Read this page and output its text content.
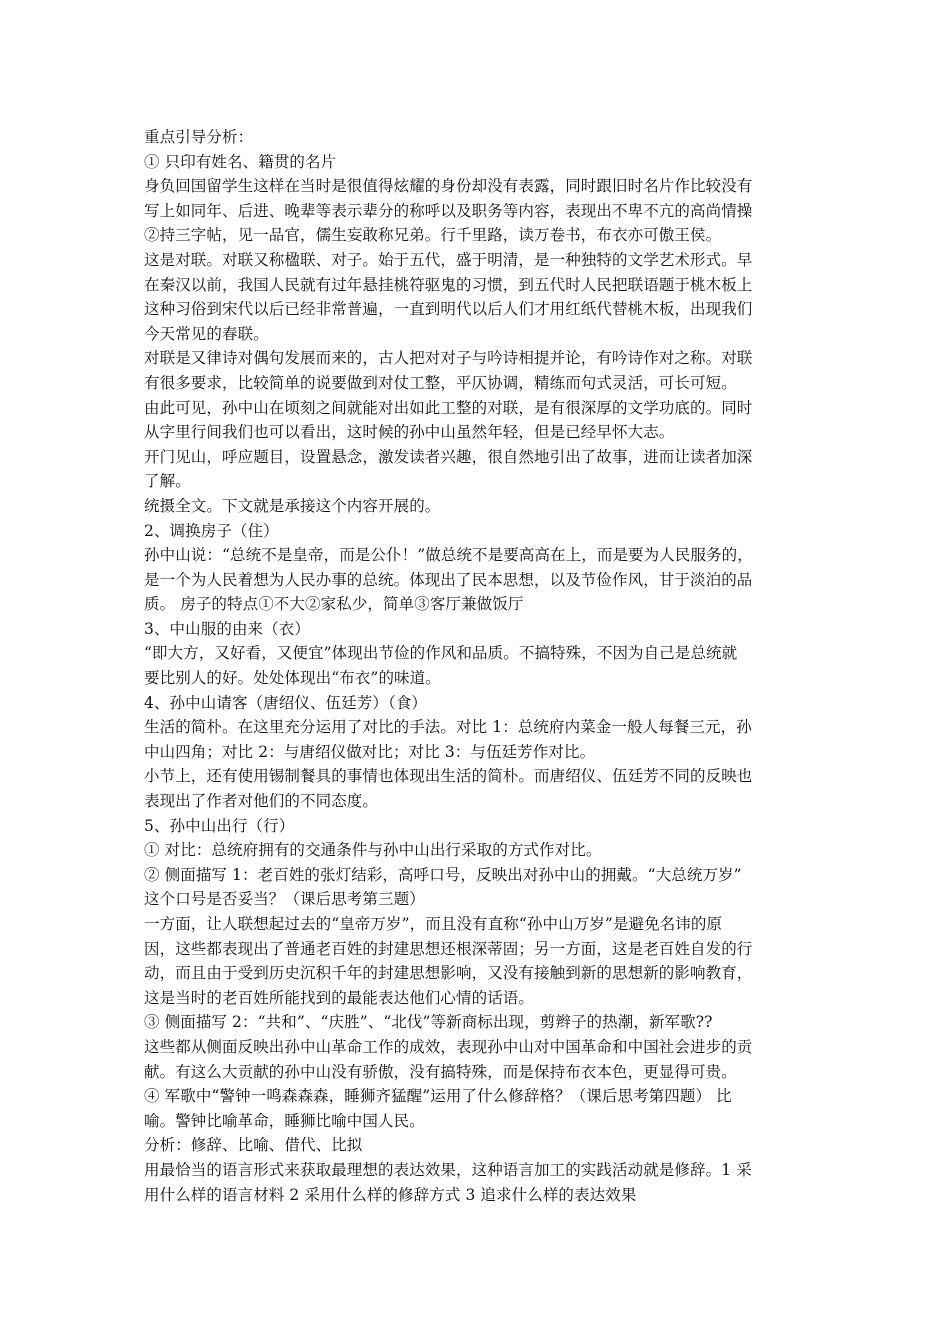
重点引导分析：
① 只印有姓名、籍贯的名片
身负回国留学生这样在当时是很值得炫耀的身份却没有表露，同时跟旧时名片作比较没有
写上如同年、后进、晚辈等表示辈分的称呼以及职务等内容，表现出不卑不亢的高尚情操
②持三字帖，见一品官，儒生妄敢称兄弟。行千里路，读万卷书，布衣亦可傲王侯。
这是对联。对联又称楹联、对子。始于五代，盛于明清，是一种独特的文学艺术形式。早
在秦汉以前，我国人民就有过年悬挂桃符驱鬼的习惯，到五代时人民把联语题于桃木板上
这种习俗到宋代以后已经非常普遍，一直到明代以后人们才用红纸代替桃木板，出现我们
今天常见的春联。
对联是又律诗对偶句发展而来的，古人把对对子与吟诗相提并论，有吟诗作对之称。对联
有很多要求，比较简单的说要做到对仗工整，平仄协调，精练而句式灵活，可长可短。
由此可见，孙中山在顷刻之间就能对出如此工整的对联，是有很深厚的文学功底的。同时
从字里行间我们也可以看出，这时候的孙中山虽然年轻，但是已经早怀大志。
开门见山，呼应题目，设置悬念，激发读者兴趣，很自然地引出了故事，进而让读者加深
了解。
统摄全文。下文就是承接这个内容开展的。
2、调换房子（住）
孙中山说：“总统不是皇帝，而是公仆！”做总统不是要高高在上，而是要为人民服务的，
是一个为人民着想为人民办事的总统。体现出了民本思想，以及节俭作风，甘于淡泊的品
质。 房子的特点①不大②家私少，简单③客厅兼做饭厅
3、中山服的由来（衣）
“即大方，又好看，又便宜”体现出节俭的作风和品质。不搞特殊，不因为自己是总统就
要比别人的好。处处体现出“布衣”的味道。
4、孙中山请客（唐绍仪、伍廷芳）（食）
生活的简朴。在这里充分运用了对比的手法。对比 1：总统府内菜金一般人每餐三元，孙
中山四角；对比 2：与唐绍仪做对比；对比 3：与伍廷芳作对比。
小节上，还有使用锡制餐具的事情也体现出生活的简朴。而唐绍仪、伍廷芳不同的反映也
表现出了作者对他们的不同态度。
5、孙中山出行（行）
① 对比：总统府拥有的交通条件与孙中山出行采取的方式作对比。
② 侧面描写 1：老百姓的张灯结彩，高呼口号，反映出对孙中山的拥戴。“大总统万岁”
这个口号是否妥当？（课后思考第三题）
一方面，让人联想起过去的“皇帝万岁”，而且没有直称“孙中山万岁”是避免名讳的原
因，这些都表现出了普通老百姓的封建思想还根深蒂固；另一方面，这是老百姓自发的行
动，而且由于受到历史沉积千年的封建思想影响，又没有接触到新的思想新的影响教育，
这是当时的老百姓所能找到的最能表达他们心情的话语。
③ 侧面描写 2：“共和”、“庆胜”、“北伐”等新商标出现，剪辫子的热潮，新军歌??
这些都从侧面反映出孙中山革命工作的成效，表现孙中山对中国革命和中国社会进步的贡
献。有这么大贡献的孙中山没有骄傲，没有搞特殊，而是保持布衣本色，更显得可贵。
④ 军歌中“警钟一鸣森森森，睡狮齐猛醒”运用了什么修辞格？（课后思考第四题） 比
喻。警钟比喻革命，睡狮比喻中国人民。
分析：修辞、比喻、借代、比拟
用最恰当的语言形式来获取最理想的表达效果，这种语言加工的实践活动就是修辞。1 采
用什么样的语言材料 2 采用什么样的修辞方式 3 追求什么样的表达效果
